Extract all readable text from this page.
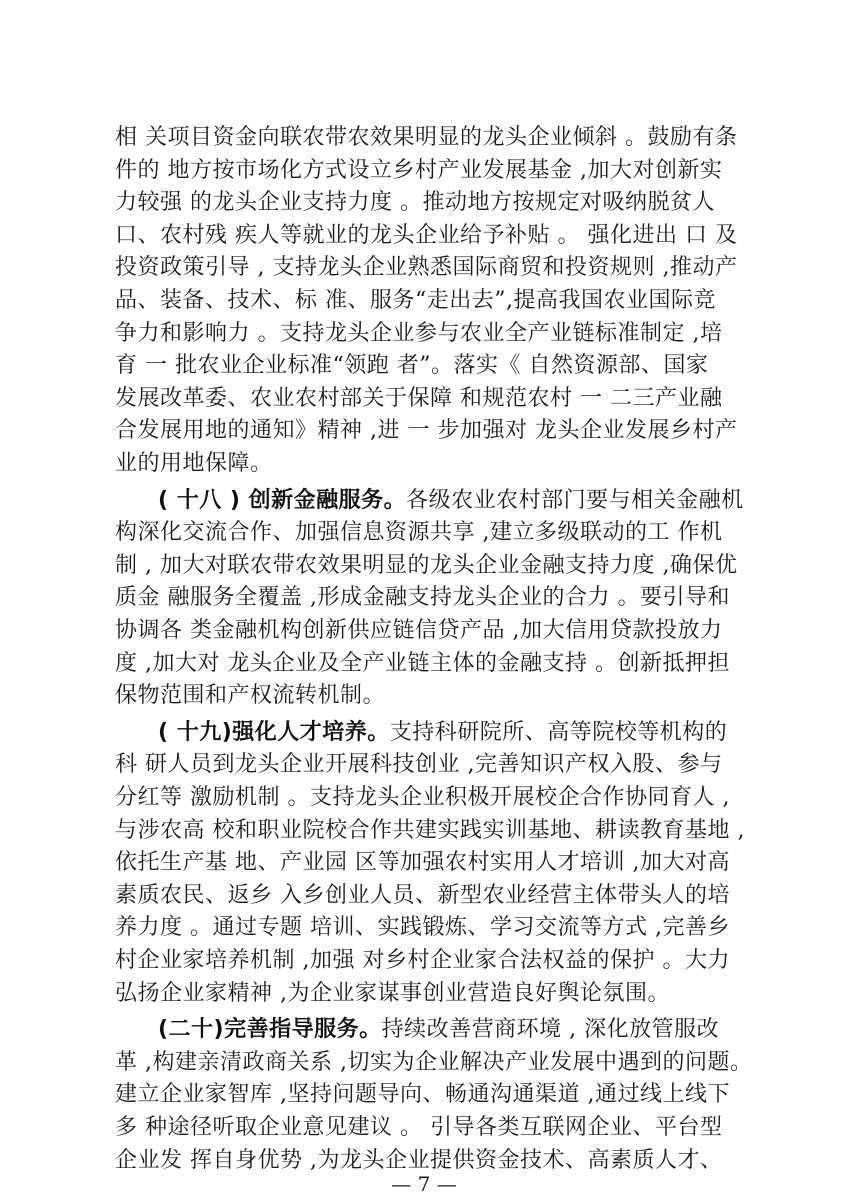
相 关项目资金向联农带农效果明显的龙头企业倾斜 。鼓励有条
件的 地方按市场化方式设立乡村产业发展基金 ,加大对创新实
力较强 的龙头企业支持力度 。推动地方按规定对吸纳脱贫人
口、农村残 疾人等就业的龙头企业给予补贴 。 强化进出 口 及
投资政策引导 , 支持龙头企业熟悉国际商贸和投资规则 ,推动产
品、装备、技术、标 准、服务“走出去”,提高我国农业国际竞
争力和影响力 。支持龙头企业参与农业全产业链标准制定 ,培
育 一 批农业企业标准“领跑 者”。落实《 自然资源部、国家
发展改革委、农业农村部关于保障 和规范农村 一 二三产业融
合发展用地的通知》精神 ,进 一 步加强对 龙头企业发展乡村产
业的用地保障。
( 十八 ) 创新金融服务。各级农业农村部门要与相关金融机
构深化交流合作、加强信息资源共享 ,建立多级联动的工 作机
制 , 加大对联农带农效果明显的龙头企业金融支持力度 ,确保优
质金 融服务全覆盖 ,形成金融支持龙头企业的合力 。要引导和
协调各 类金融机构创新供应链信贷产品 ,加大信用贷款投放力
度 ,加大对 龙头企业及全产业链主体的金融支持 。创新抵押担
保物范围和产权流转机制。
( 十九)强化人才培养。支持科研院所、高等院校等机构的
科 研人员到龙头企业开展科技创业 ,完善知识产权入股、参与
分红等 激励机制 。支持龙头企业积极开展校企合作协同育人 ,
与涉农高 校和职业院校合作共建实践实训基地、耕读教育基地 ,
依托生产基 地、产业园 区等加强农村实用人才培训 ,加大对高
素质农民、返乡 入乡创业人员、新型农业经营主体带头人的培
养力度 。通过专题 培训、实践锻炼、学习交流等方式 ,完善乡
村企业家培养机制 ,加强 对乡村企业家合法权益的保护 。大力
弘扬企业家精神 ,为企业家谋事创业营造良好舆论氛围。
(二十)完善指导服务。持续改善营商环境 , 深化放管服改
革 ,构建亲清政商关系 ,切实为企业解决产业发展中遇到的问题。
建立企业家智库 ,坚持问题导向、畅通沟通渠道 ,通过线上线下
多 种途径听取企业意见建议 。 引导各类互联网企业、平台型
企业发 挥自身优势 ,为龙头企业提供资金技术、高素质人才、
— 7 —
